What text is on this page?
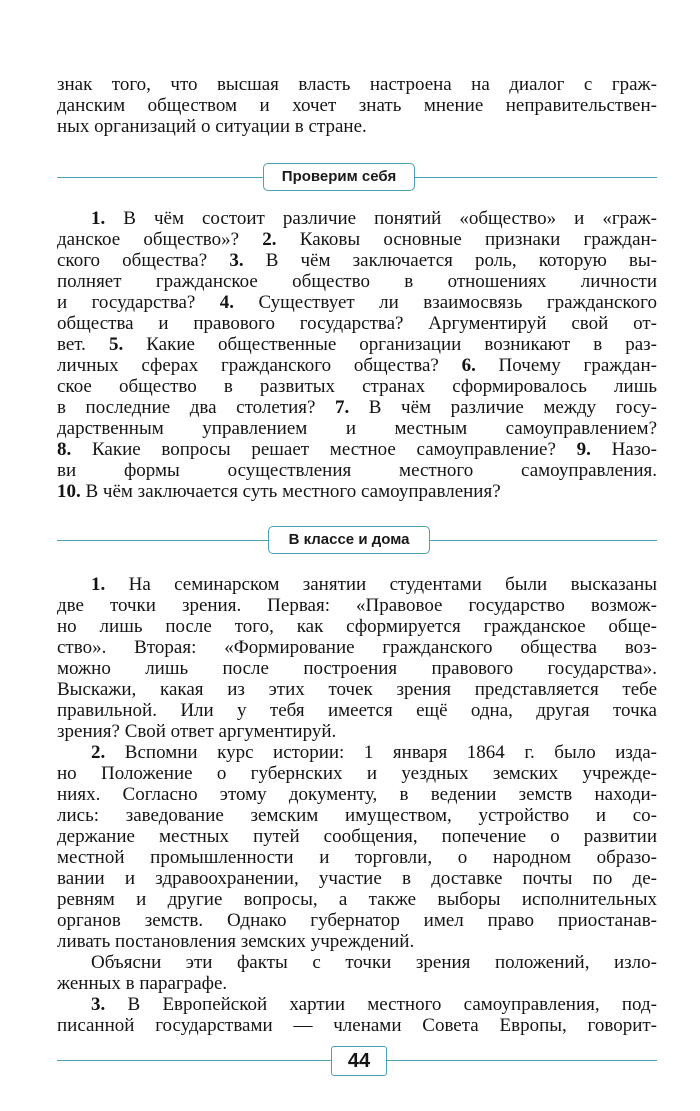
знак того, что высшая власть настроена на диалог с граж-
данским обществом и хочет знать мнение неправительствен-
ных организаций о ситуации в стране.
Проверим себя
1. В чём состоит различие понятий «общество» и «граж-
данское общество»? 2. Каковы основные признаки граждан-
ского общества? 3. В чём заключается роль, которую вы-
полняет гражданское общество в отношениях личности
и государства? 4. Существует ли взаимосвязь гражданского
общества и правового государства? Аргументируй свой от-
вет. 5. Какие общественные организации возникают в раз-
личных сферах гражданского общества? 6. Почему граждан-
ское общество в развитых странах сформировалось лишь
в последние два столетия? 7. В чём различие между госу-
дарственным управлением и местным самоуправлением?
8. Какие вопросы решает местное самоуправление? 9. Назо-
ви формы осуществления местного самоуправления.
10. В чём заключается суть местного самоуправления?
В классе и дома
1. На семинарском занятии студентами были высказаны
две точки зрения. Первая: «Правовое государство возмож-
но лишь после того, как сформируется гражданское обще-
ство». Вторая: «Формирование гражданского общества воз-
можно лишь после построения правового государства».
Выскажи, какая из этих точек зрения представляется тебе
правильной. Или у тебя имеется ещё одна, другая точка
зрения? Свой ответ аргументируй.
2. Вспомни курс истории: 1 января 1864 г. было изда-
но Положение о губернских и уездных земских учрежде-
ниях. Согласно этому документу, в ведении земств находи-
лись: заведование земским имуществом, устройство и со-
держание местных путей сообщения, попечение о развитии
местной промышленности и торговли, о народном образо-
вании и здравоохранении, участие в доставке почты по де-
ревням и другие вопросы, а также выборы исполнительных
органов земств. Однако губернатор имел право приостанав-
ливать постановления земских учреждений.
Объясни эти факты с точки зрения положений, изло-
женных в параграфе.
3. В Европейской хартии местного самоуправления, под-
писанной государствами — членами Совета Европы, говорит-
44
